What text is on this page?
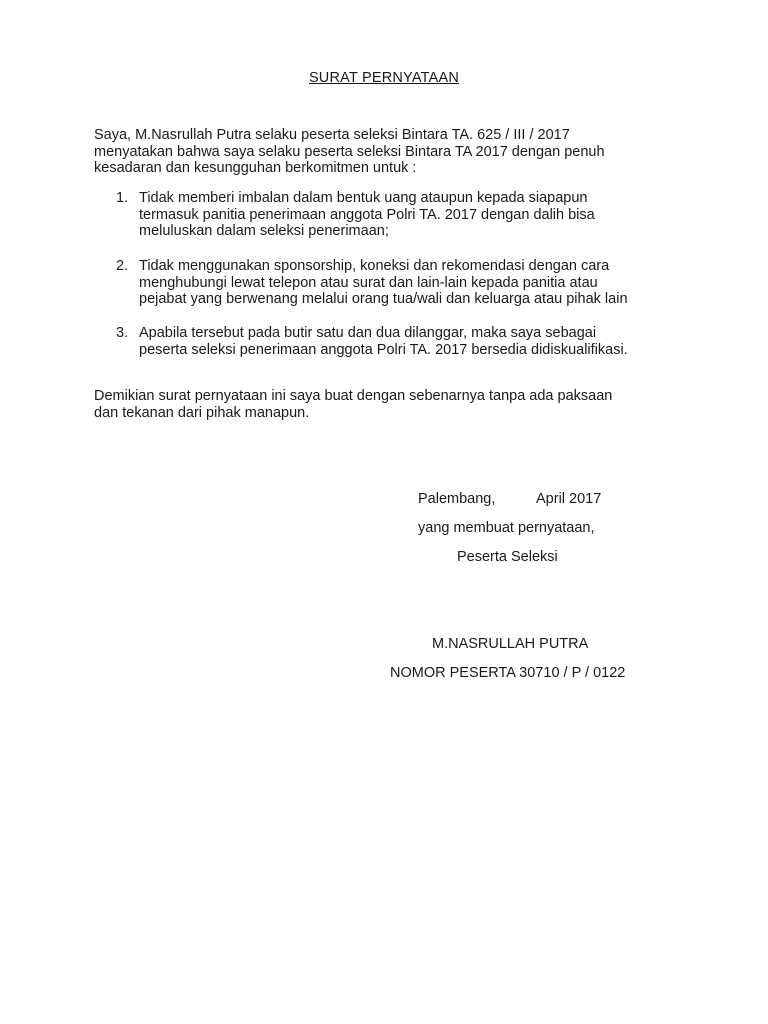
SURAT PERNYATAAN
Saya, M.Nasrullah Putra selaku peserta seleksi Bintara TA. 625 / III / 2017
menyatakan bahwa saya selaku peserta seleksi Bintara TA 2017 dengan penuh
kesadaran dan kesungguhan berkomitmen untuk :
1. Tidak memberi imbalan dalam bentuk uang ataupun kepada siapapun
termasuk panitia penerimaan anggota Polri TA. 2017 dengan dalih bisa
meluluskan dalam seleksi penerimaan;
2. Tidak menggunakan sponsorship, koneksi dan rekomendasi dengan cara
menghubungi lewat telepon atau surat dan lain-lain kepada panitia atau
pejabat yang berwenang melalui orang tua/wali dan keluarga atau pihak lain
3. Apabila tersebut pada butir satu dan dua dilanggar, maka saya sebagai
peserta seleksi penerimaan anggota Polri TA. 2017 bersedia didiskualifikasi.
Demikian surat pernyataan ini saya buat dengan sebenarnya tanpa ada paksaan
dan tekanan dari pihak manapun.
Palembang,	April 2017
yang membuat pernyataan,
Peserta Seleksi
M.NASRULLAH PUTRA
NOMOR PESERTA 30710 / P / 0122
